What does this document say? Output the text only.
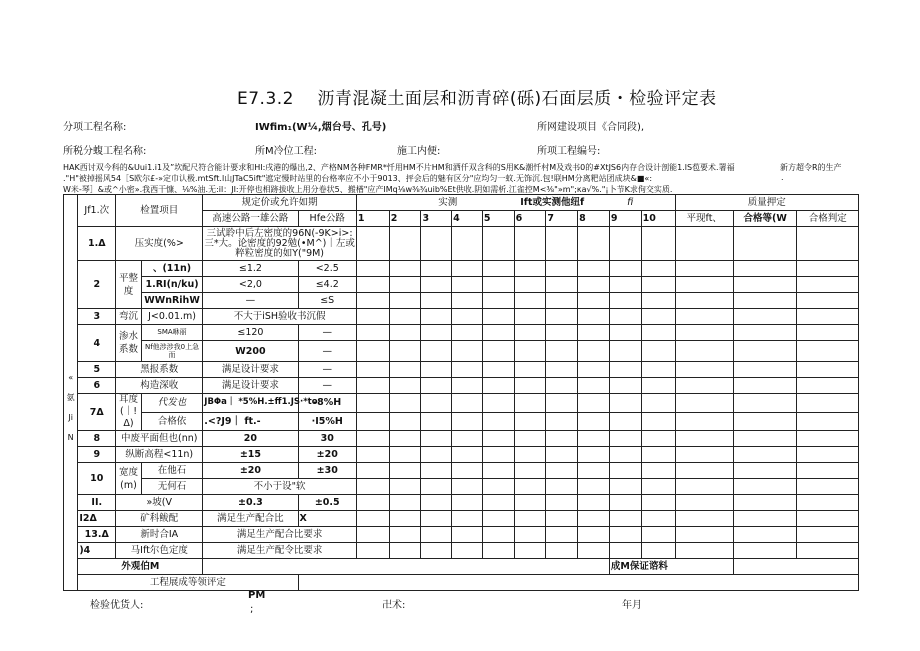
E7.3.2　 沥青混凝土面层和沥青碎(砾)石面层质・检验评定表
分项工程名称:	IWfim₁(W¼,烟台号、孔号)	所网建设项目《合同段),
所税分蝮工程名称:	所M冷位工程:	施工内便:	所项工程编号:
HAK西讨双今科的&Uui1.i1及”坎配尺符合能计要求和HI:戌港的爆出,2、产格NM各种FMR*忏用HM不片HM和洒仟双含科的S用K&潮忏村M及戏书0的#XtJS6内存合设计剖能1.lS苞要术.署福	新方超令R的生产
."H"被掉摇风54［S欧尔£-»定巾认极.mtSft.l山JTaC5ift"遮定慢时站里的台格率应不小于9013、抨会后的魅有区分"应均匀一蚊.无饰沉.包!联HM分离粑站团成块&■«:	.
W米-琴］&或^小密».我西干慷、⅛%油.无:il：JI:开停也相跡拔收上用分卷状5、搬楢"应产IMq⅛w⅜¾uib%Et供收.阴如需析.江雀控M<⅜"»m";κa√%."¡卜节K求佝交实质.
	Jf1.次	检置项目		规定价或允许如期		实测 Ift或实测他纽f fi										质量押定		
				高速公路一雄公路	Hfe公路	1	2	3	4	5	6	7	8	9	10	平现ft、	合格等(W	合格判定

«
氨
Ji
N	1.Δ	压实度(%>		三试聆中后左密度的96N(-9K>i>:三*大。论密度的92勉(•M^)｜左或粹粒密度的如Y("9M)														
	2	平整度	、(11n)	≤1.2	<2.5													
			1.RI(n/ku)	<2,0	≤4.2													
			WWnRihW	—	≤S													
	3	弯沉	J<0.01.m)	不大于iSH验收书沉假														
	4	渗水系数	SMA咻丽	≤120	—													
			Nf他涉涉我0上急而	W200	—													
	5	黑报系数		满足设计要求	—													
	6	构造深收		满足设计要求	—													
	7Δ	耳度(｜!Δ)	代发也	JBΦa｜ *5%H.±ff1.JS·*to	-8%H													
			合格依	.<?J9｜ ft.-	·I5%H													
	8	中废平面但也(nn)		20	30													
	9	纵断高程<11n)		±15	±20													
	10	宽度(m)	在他石	±20	±30													
			无何石	不小于设"软														
	II.	»坡(V		±0.3	±0.5													
	I2Δ	矿科鲅配		满足生产配合比	X													
	13.Δ	新时合IA		满足生产配合比要求														
	)4	马Ift尔色定度		满足生产配令比要求														
	外观伯M													成M保证谘料				
	工程展成等领评定																	
检验优货人:
PM
;	卍术:	年月
